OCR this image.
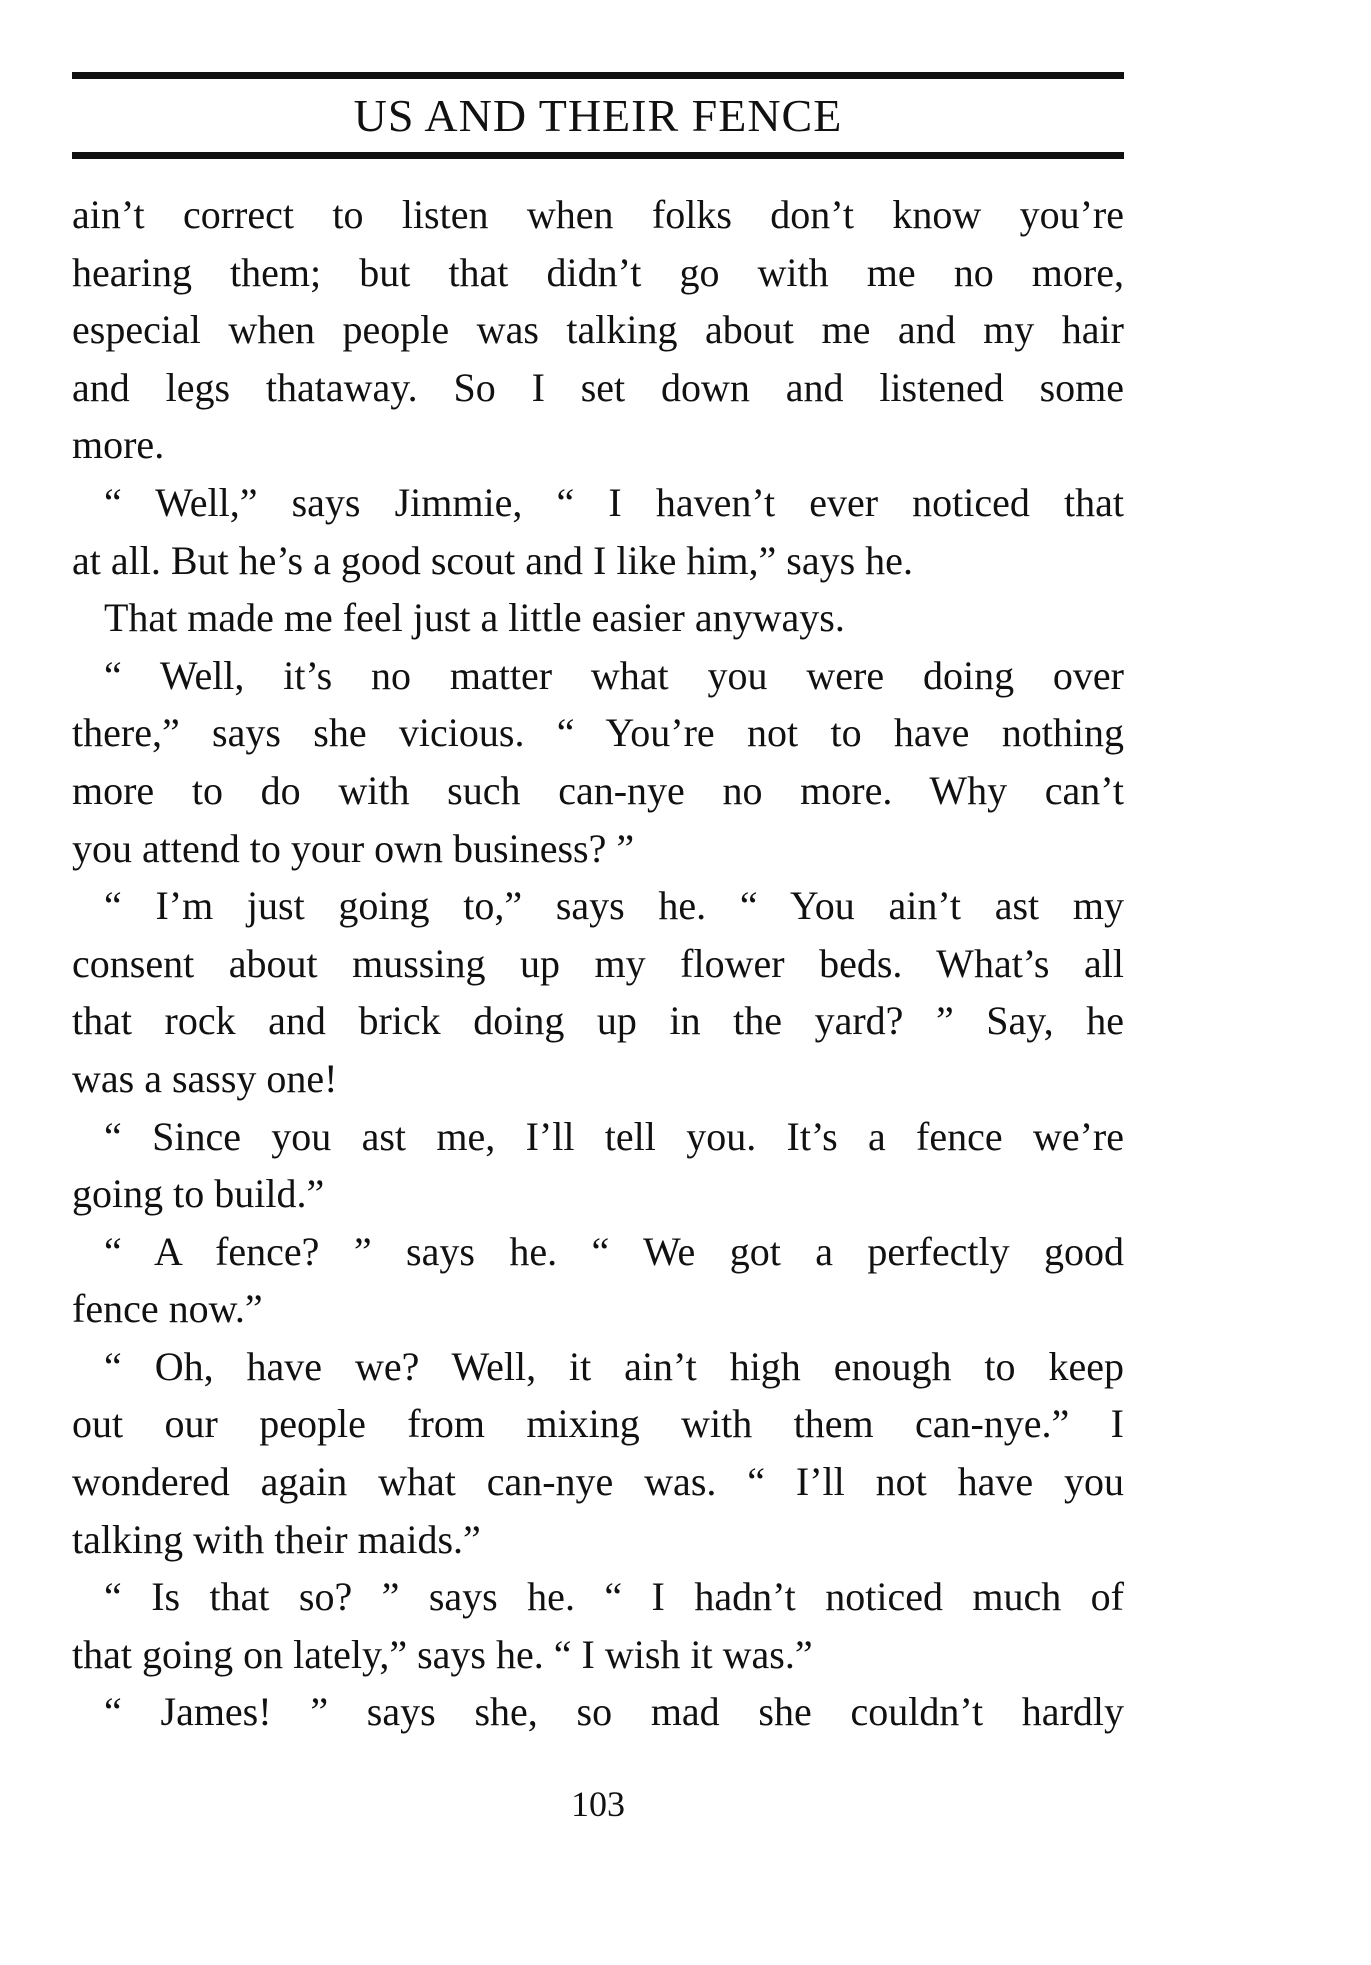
US AND THEIR FENCE
ain’t correct to listen when folks don’t know you’re
hearing them; but that didn’t go with me no more,
especial when people was talking about me and my hair
and legs thataway. So I set down and listened some
more.
“ Well,” says Jimmie, “ I haven’t ever noticed that
at all. But he’s a good scout and I like him,” says he.
That made me feel just a little easier anyways.
“ Well, it’s no matter what you were doing over
there,” says she vicious. “ You’re not to have nothing
more to do with such can-nye no more. Why can’t
you attend to your own business? ”
“ I’m just going to,” says he. “ You ain’t ast my
consent about mussing up my flower beds. What’s all
that rock and brick doing up in the yard? ” Say, he
was a sassy one!
“ Since you ast me, I’ll tell you. It’s a fence we’re
going to build.”
“ A fence? ” says he. “ We got a perfectly good
fence now.”
“ Oh, have we? Well, it ain’t high enough to keep
out our people from mixing with them can-nye.” I
wondered again what can-nye was. “ I’ll not have you
talking with their maids.”
“ Is that so? ” says he. “ I hadn’t noticed much of
that going on lately,” says he. “ I wish it was.”
“ James! ” says she, so mad she couldn’t hardly
103
